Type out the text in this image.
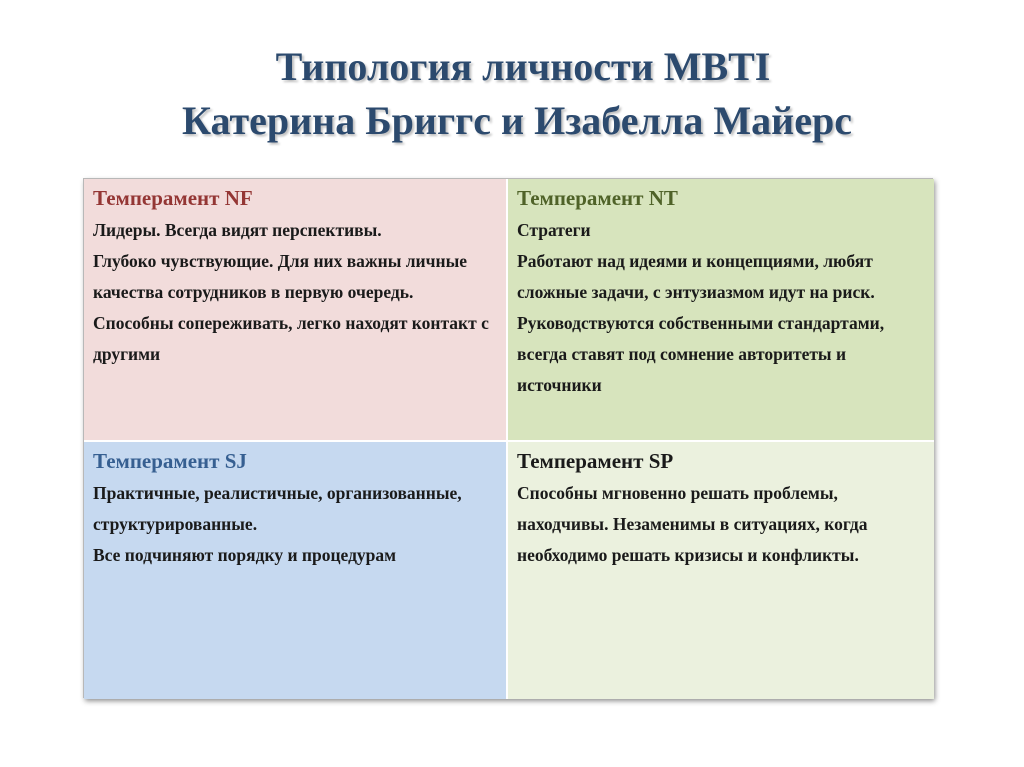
Типология личности MBTI
Катерина Бриггс и Изабелла Майерс
Темперамент NF

Лидеры. Всегда видят перспективы.

Глубоко чувствующие. Для них важны личные качества сотрудников в первую очередь. Способны сопереживать, легко находят контакт с другими

Темперамент NT

Стратеги

Работают над идеями и концепциями, любят сложные задачи, с энтузиазмом идут на риск.

Руководствуются собственными стандартами, всегда ставят под сомнение авторитеты и источники

Темперамент SJ

Практичные, реалистичные, организованные, структурированные.

Все подчиняют порядку и процедурам

Темперамент SP

Способны мгновенно решать проблемы, находчивы. Незаменимы в ситуациях, когда необходимо решать кризисы и конфликты.
